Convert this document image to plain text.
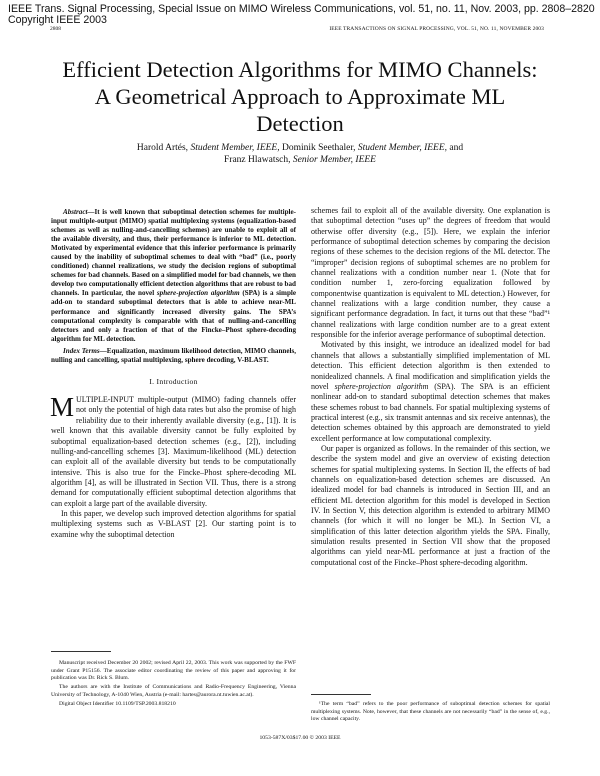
IEEE Trans. Signal Processing, Special Issue on MIMO Wireless Communications, vol. 51, no. 11, Nov. 2003, pp. 2808–2820
Copyright IEEE 2003
2808	IEEE TRANSACTIONS ON SIGNAL PROCESSING, VOL. 51, NO. 11, NOVEMBER 2003
Efficient Detection Algorithms for MIMO Channels: A Geometrical Approach to Approximate ML Detection
Harold Artés, Student Member, IEEE, Dominik Seethaler, Student Member, IEEE, and
Franz Hlawatsch, Senior Member, IEEE

Abstract—It is well known that suboptimal detection schemes for multiple-input multiple-output (MIMO) spatial multiplexing systems (equalization-based schemes as well as nulling-and-cancelling schemes) are unable to exploit all of the available diversity, and thus, their performance is inferior to ML detection. Motivated by experimental evidence that this inferior performance is primarily caused by the inability of suboptimal schemes to deal with “bad” (i.e., poorly conditioned) channel realizations, we study the decision regions of suboptimal schemes for bad channels. Based on a simplified model for bad channels, we then develop two computationally efficient detection algorithms that are robust to bad channels. In particular, the novel sphere-projection algorithm (SPA) is a simple add-on to standard suboptimal detectors that is able to achieve near-ML performance and significantly increased diversity gains. The SPA’s computational complexity is comparable with that of nulling-and-cancelling detectors and only a fraction of that of the Fincke–Phost sphere-decoding algorithm for ML detection.

Index Terms—Equalization, maximum likelihood detection, MIMO channels, nulling and cancelling, spatial multiplexing, sphere decoding, V-BLAST.

I. Introduction

MULTIPLE-INPUT multiple-output (MIMO) fading channels offer not only the potential of high data rates but also the promise of high reliability due to their inherently available diversity (e.g., [1]). It is well known that this available diversity cannot be fully exploited by suboptimal equalization-based detection schemes (e.g., [2]), including nulling-and-cancelling schemes [3]. Maximum-likelihood (ML) detection can exploit all of the available diversity but tends to be computationally intensive. This is also true for the Fincke–Phost sphere-decoding ML algorithm [4], as will be illustrated in Section VII. Thus, there is a strong demand for computationally efficient suboptimal detection algorithms that can exploit a large part of the available diversity.

In this paper, we develop such improved detection algorithms for spatial multiplexing systems such as V-BLAST [2]. Our starting point is to examine why the suboptimal detection

Manuscript received December 20 2002; revised April 22, 2003. This work was supported by the FWF under Grant P15156. The associate editor coordinating the review of this paper and approving it for publication was Dr. Rick S. Blum.

The authors are with the Institute of Communications and Radio-Frequency Engineering, Vienna University of Technology, A-1040 Wien, Austria (e-mail: hartes@aurora.nt.tuwien.ac.at).

Digital Object Identifier 10.1109/TSP.2003.818210

schemes fail to exploit all of the available diversity. One explanation is that suboptimal detection “uses up” the degrees of freedom that would otherwise offer diversity (e.g., [5]). Here, we explain the inferior performance of suboptimal detection schemes by comparing the decision regions of these schemes to the decision regions of the ML detector. The “improper” decision regions of suboptimal schemes are no problem for channel realizations with a condition number near 1. (Note that for condition number 1, zero-forcing equalization followed by componentwise quantization is equivalent to ML detection.) However, for channel realizations with a large condition number, they cause a significant performance degradation. In fact, it turns out that these “bad”¹ channel realizations with large condition number are to a great extent responsible for the inferior average performance of suboptimal detection.

Motivated by this insight, we introduce an idealized model for bad channels that allows a substantially simplified implementation of ML detection. This efficient detection algorithm is then extended to nonidealized channels. A final modification and simplification yields the novel sphere-projection algorithm (SPA). The SPA is an efficient nonlinear add-on to standard suboptimal detection schemes that makes these schemes robust to bad channels. For spatial multiplexing systems of practical interest (e.g., six transmit antennas and six receive antennas), the detection schemes obtained by this approach are demonstrated to yield excellent performance at low computational complexity.

Our paper is organized as follows. In the remainder of this section, we describe the system model and give an overview of existing detection schemes for spatial multiplexing systems. In Section II, the effects of bad channels on equalization-based detection schemes are discussed. An idealized model for bad channels is introduced in Section III, and an efficient ML detection algorithm for this model is developed in Section IV. In Section V, this detection algorithm is extended to arbitrary MIMO channels (for which it will no longer be ML). In Section VI, a simplification of this latter detection algorithm yields the SPA. Finally, simulation results presented in Section VII show that the proposed algorithms can yield near-ML performance at just a fraction of the computational cost of the Fincke–Phost sphere-decoding algorithm.

¹The term “bad” refers to the poor performance of suboptimal detection schemes for spatial multiplexing systems. Note, however, that these channels are not necessarily “bad” in the sense of, e.g., low channel capacity.

1053-587X/03$17.00 © 2003 IEEE
